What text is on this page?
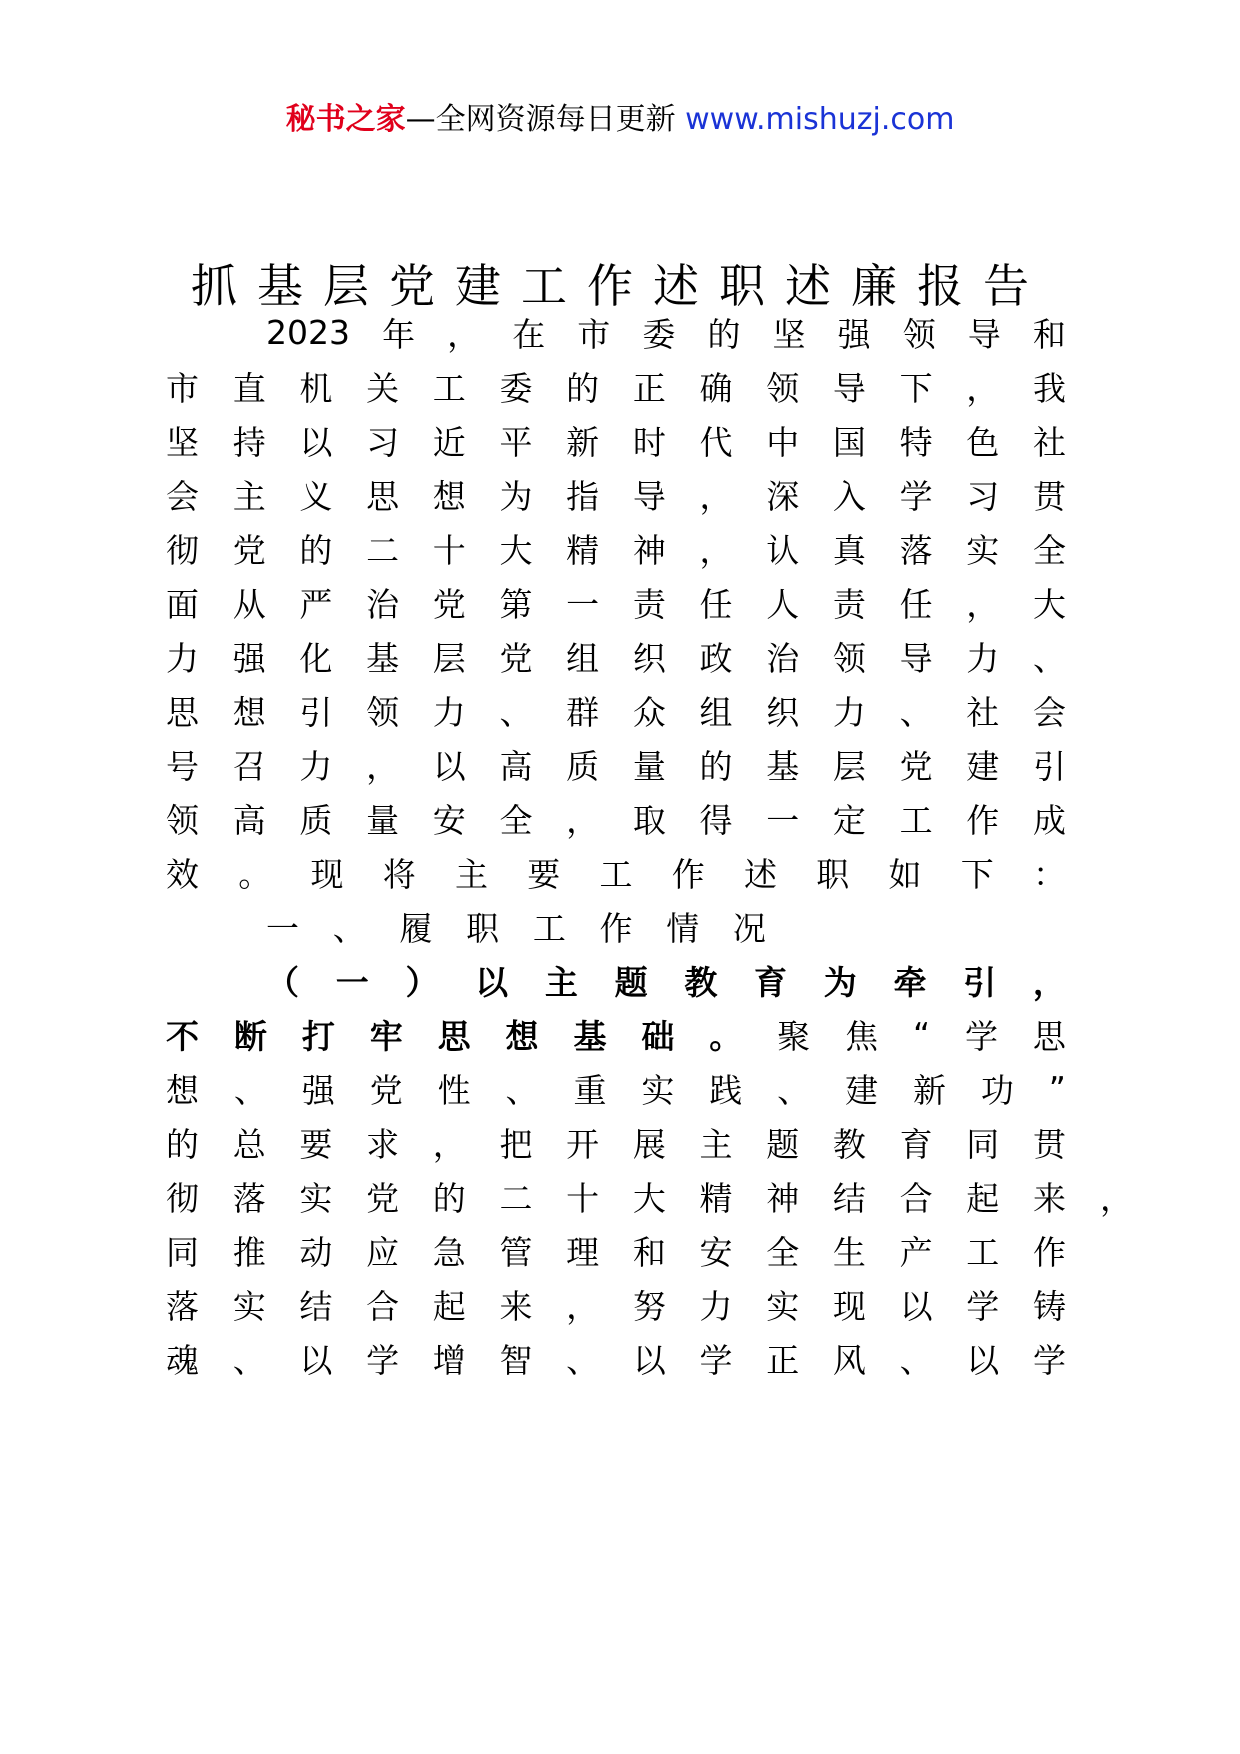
秘书之家—全网资源每日更新 www.mishuzj.com
抓基层党建工作述职述廉报告
2023 年 ， 在 市 委 的 坚 强 领 导 和
市 直 机 关 工 委 的 正 确 领 导 下 ， 我
坚 持 以 习 近 平 新 时 代 中 国 特 色 社
会 主 义 思 想 为 指 导 ， 深 入 学 习 贯
彻 党 的 二 十 大 精 神 ， 认 真 落 实 全
面 从 严 治 党 第 一 责 任 人 责 任 ， 大
力 强 化 基 层 党 组 织 政 治 领 导 力 、
思 想 引 领 力 、 群 众 组 织 力 、 社 会
号 召 力 ， 以 高 质 量 的 基 层 党 建 引
领 高 质 量 安 全 ， 取 得 一 定 工 作 成
效 。 现 将 主 要 工 作 述 职 如 下 ：
一 、 履 职 工 作 情 况
（ 一 ） 以 主 题 教 育 为 牵 引 ，
不 断 打 牢 思 想 基 础 。 聚 焦 “ 学 思
想 、 强 党 性 、 重 实 践 、 建 新 功 ”
的 总 要 求 ， 把 开 展 主 题 教 育 同 贯
彻 落 实 党 的 二 十 大 精 神 结 合 起 来
同 推 动 应 急 管 理 和 安 全 生 产 工 作
落 实 结 合 起 来 ， 努 力 实 现 以 学 铸
魂 、 以 学 增 智 、 以 学 正 风 、 以 学
，
